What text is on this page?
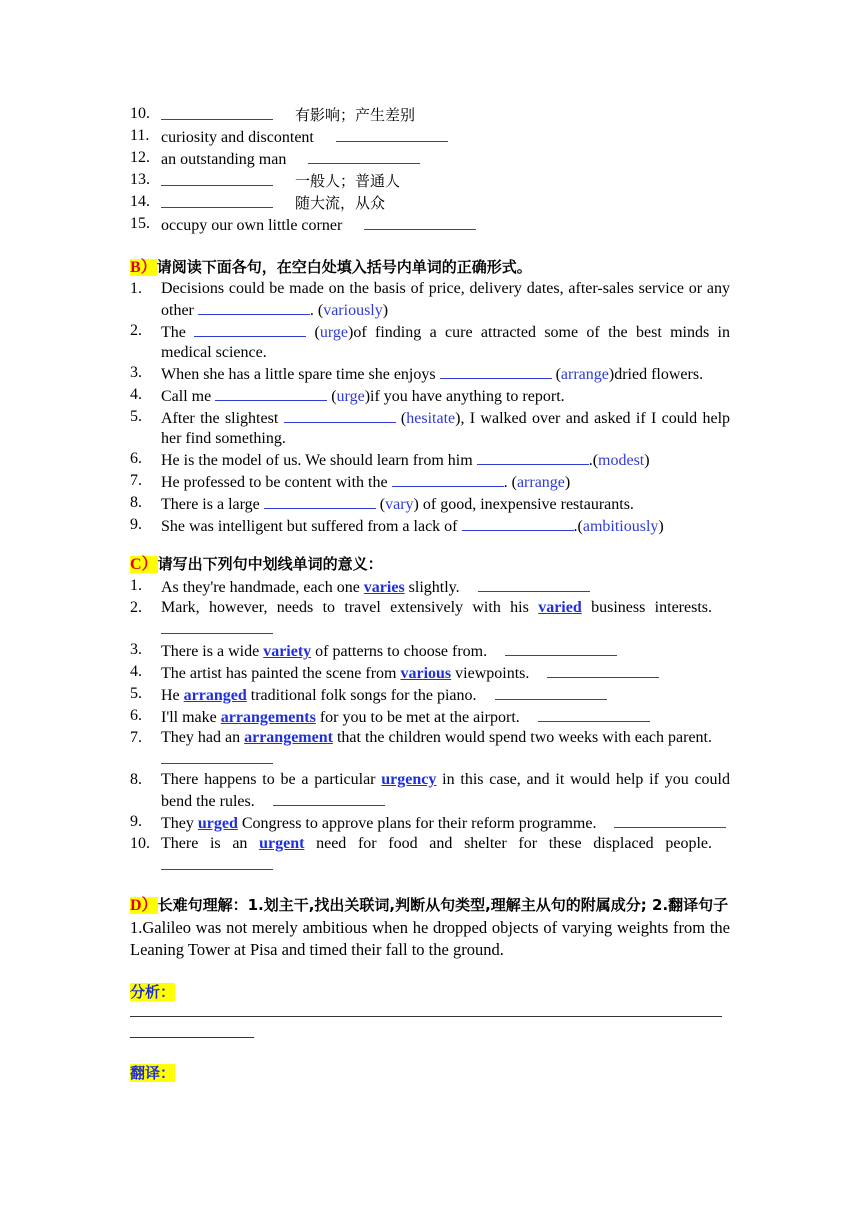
10.	有影响；产生差别
11. curiosity and discontent
12. an outstanding man
13.	一般人；普通人
14.	随大流，从众
15. occupy our own little corner
B）请阅读下面各句，在空白处填入括号内单词的正确形式。
1. Decisions could be made on the basis of price, delivery dates, after-sales service or any other	. (variously)
2. The	(urge)of finding a cure attracted some of the best minds in medical science.
3. When she has a little spare time she enjoys	(arrange)dried flowers.
4. Call me	(urge)if you have anything to report.
5. After the slightest	(hesitate), I walked over and asked if I could help her find something.
6. He is the model of us. We should learn from him	.(modest)
7. He professed to be content with the	. (arrange)
8. There is a large	(vary) of good, inexpensive restaurants.
9. She was intelligent but suffered from a lack of	.(ambitiously)
C）请写出下列句中划线单词的意义：
1. As they're handmade, each one varies slightly.
2. Mark, however, needs to travel extensively with his varied business interests.
3. There is a wide variety of patterns to choose from.
4. The artist has painted the scene from various viewpoints.
5. He arranged traditional folk songs for the piano.
6. I'll make arrangements for you to be met at the airport.
7. They had an arrangement that the children would spend two weeks with each parent.
8. There happens to be a particular urgency in this case, and it would help if you could bend the rules.
9. They urged Congress to approve plans for their reform programme.
10. There is an urgent need for food and shelter for these displaced people.
D）长难句理解：1.划主干,找出关联词,判断从句类型,理解主从句的附属成分; 2.翻译句子
1.Galileo was not merely ambitious when he dropped objects of varying weights from the Leaning Tower at Pisa and timed their fall to the ground.
分析：
翻译：
